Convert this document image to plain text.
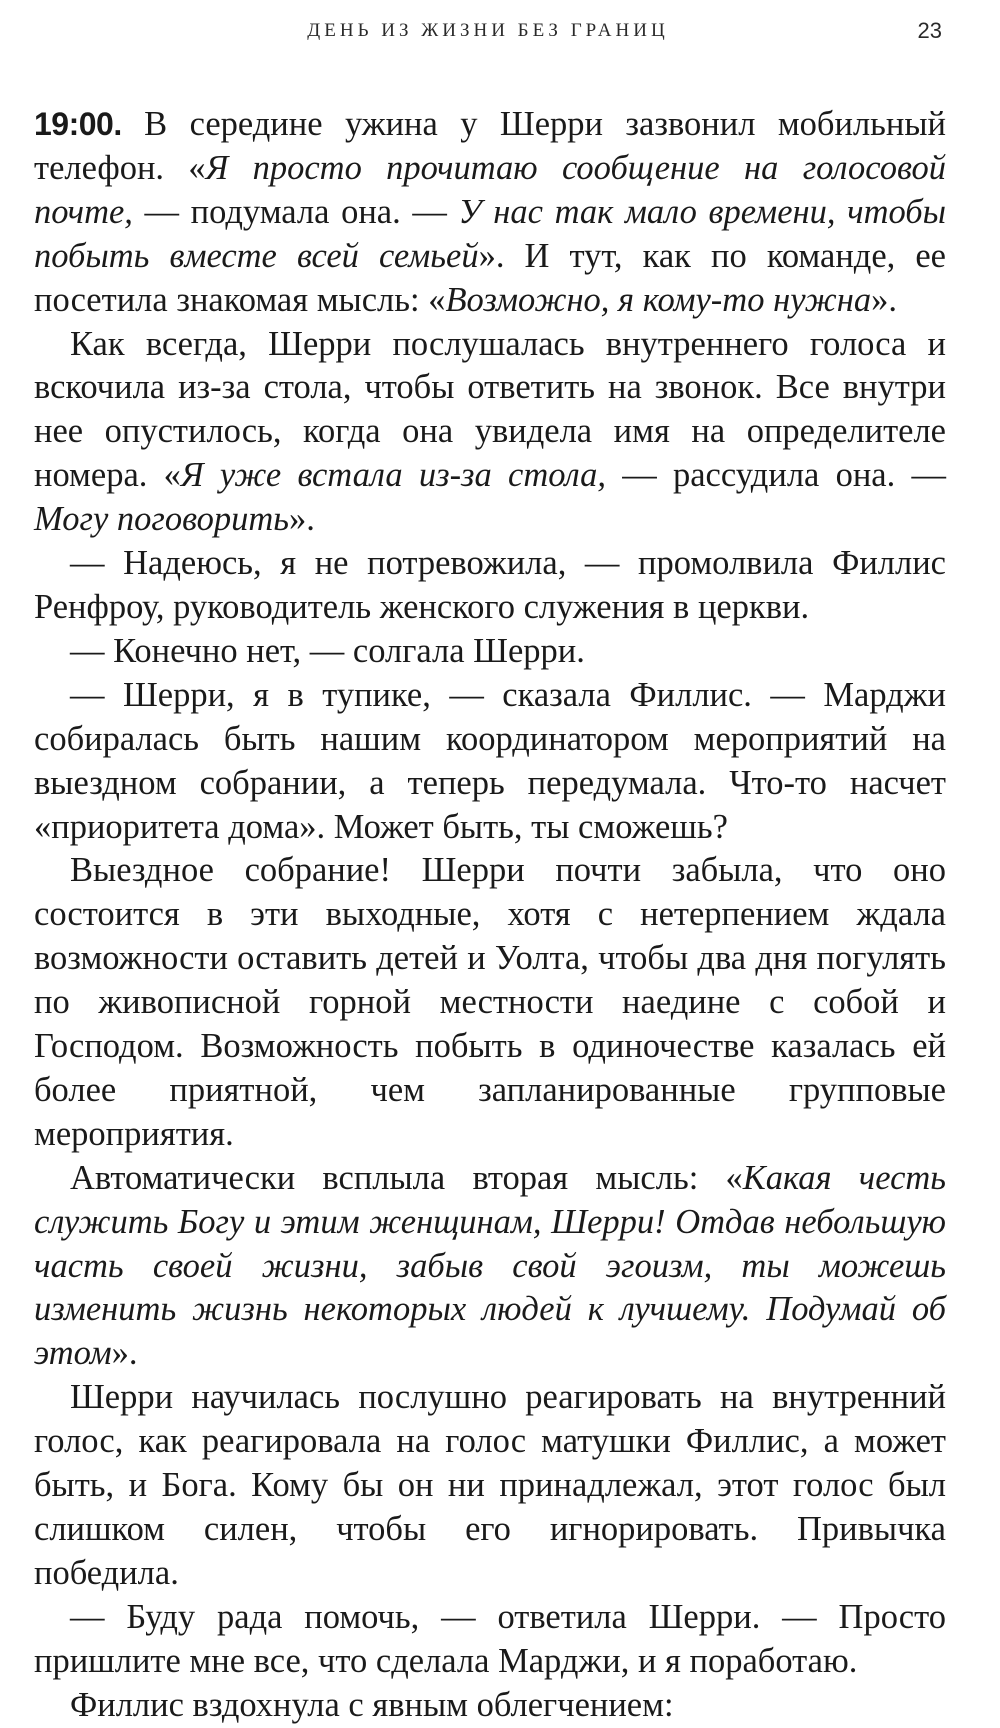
ДЕНЬ ИЗ ЖИЗНИ БЕЗ ГРАНИЦ	23

19:00. В середине ужина у Шерри зазвонил мобильный телефон. «Я просто прочитаю сообщение на голосовой почте, — подумала она. — У нас так мало времени, чтобы побыть вместе всей семьей». И тут, как по команде, ее посетила знакомая мысль: «Возможно, я кому-то нужна».

Как всегда, Шерри послушалась внутреннего голоса и вскочила из-за стола, чтобы ответить на звонок. Все внутри нее опустилось, когда она увидела имя на определителе номера. «Я уже встала из-за стола, — рассудила она. — Могу поговорить».

— Надеюсь, я не потревожила, — промолвила Филлис Ренфроу, руководитель женского служения в церкви.

— Конечно нет, — солгала Шерри.

— Шерри, я в тупике, — сказала Филлис. — Марджи собиралась быть нашим координатором мероприятий на выездном собрании, а теперь передумала. Что-то насчет «приоритета дома». Может быть, ты сможешь?

Выездное собрание! Шерри почти забыла, что оно состоится в эти выходные, хотя с нетерпением ждала возможности оставить детей и Уолта, чтобы два дня погулять по живописной горной местности наедине с собой и Господом. Возможность побыть в одиночестве казалась ей более приятной, чем запланированные групповые мероприятия.

Автоматически всплыла вторая мысль: «Какая честь служить Богу и этим женщинам, Шерри! Отдав небольшую часть своей жизни, забыв свой эгоизм, ты можешь изменить жизнь некоторых людей к лучшему. Подумай об этом».

Шерри научилась послушно реагировать на внутренний голос, как реагировала на голос матушки Филлис, а может быть, и Бога. Кому бы он ни принадлежал, этот голос был слишком силен, чтобы его игнорировать. Привычка победила.

— Буду рада помочь, — ответила Шерри. — Просто пришлите мне все, что сделала Марджи, и я поработаю.

Филлис вздохнула с явным облегчением:
